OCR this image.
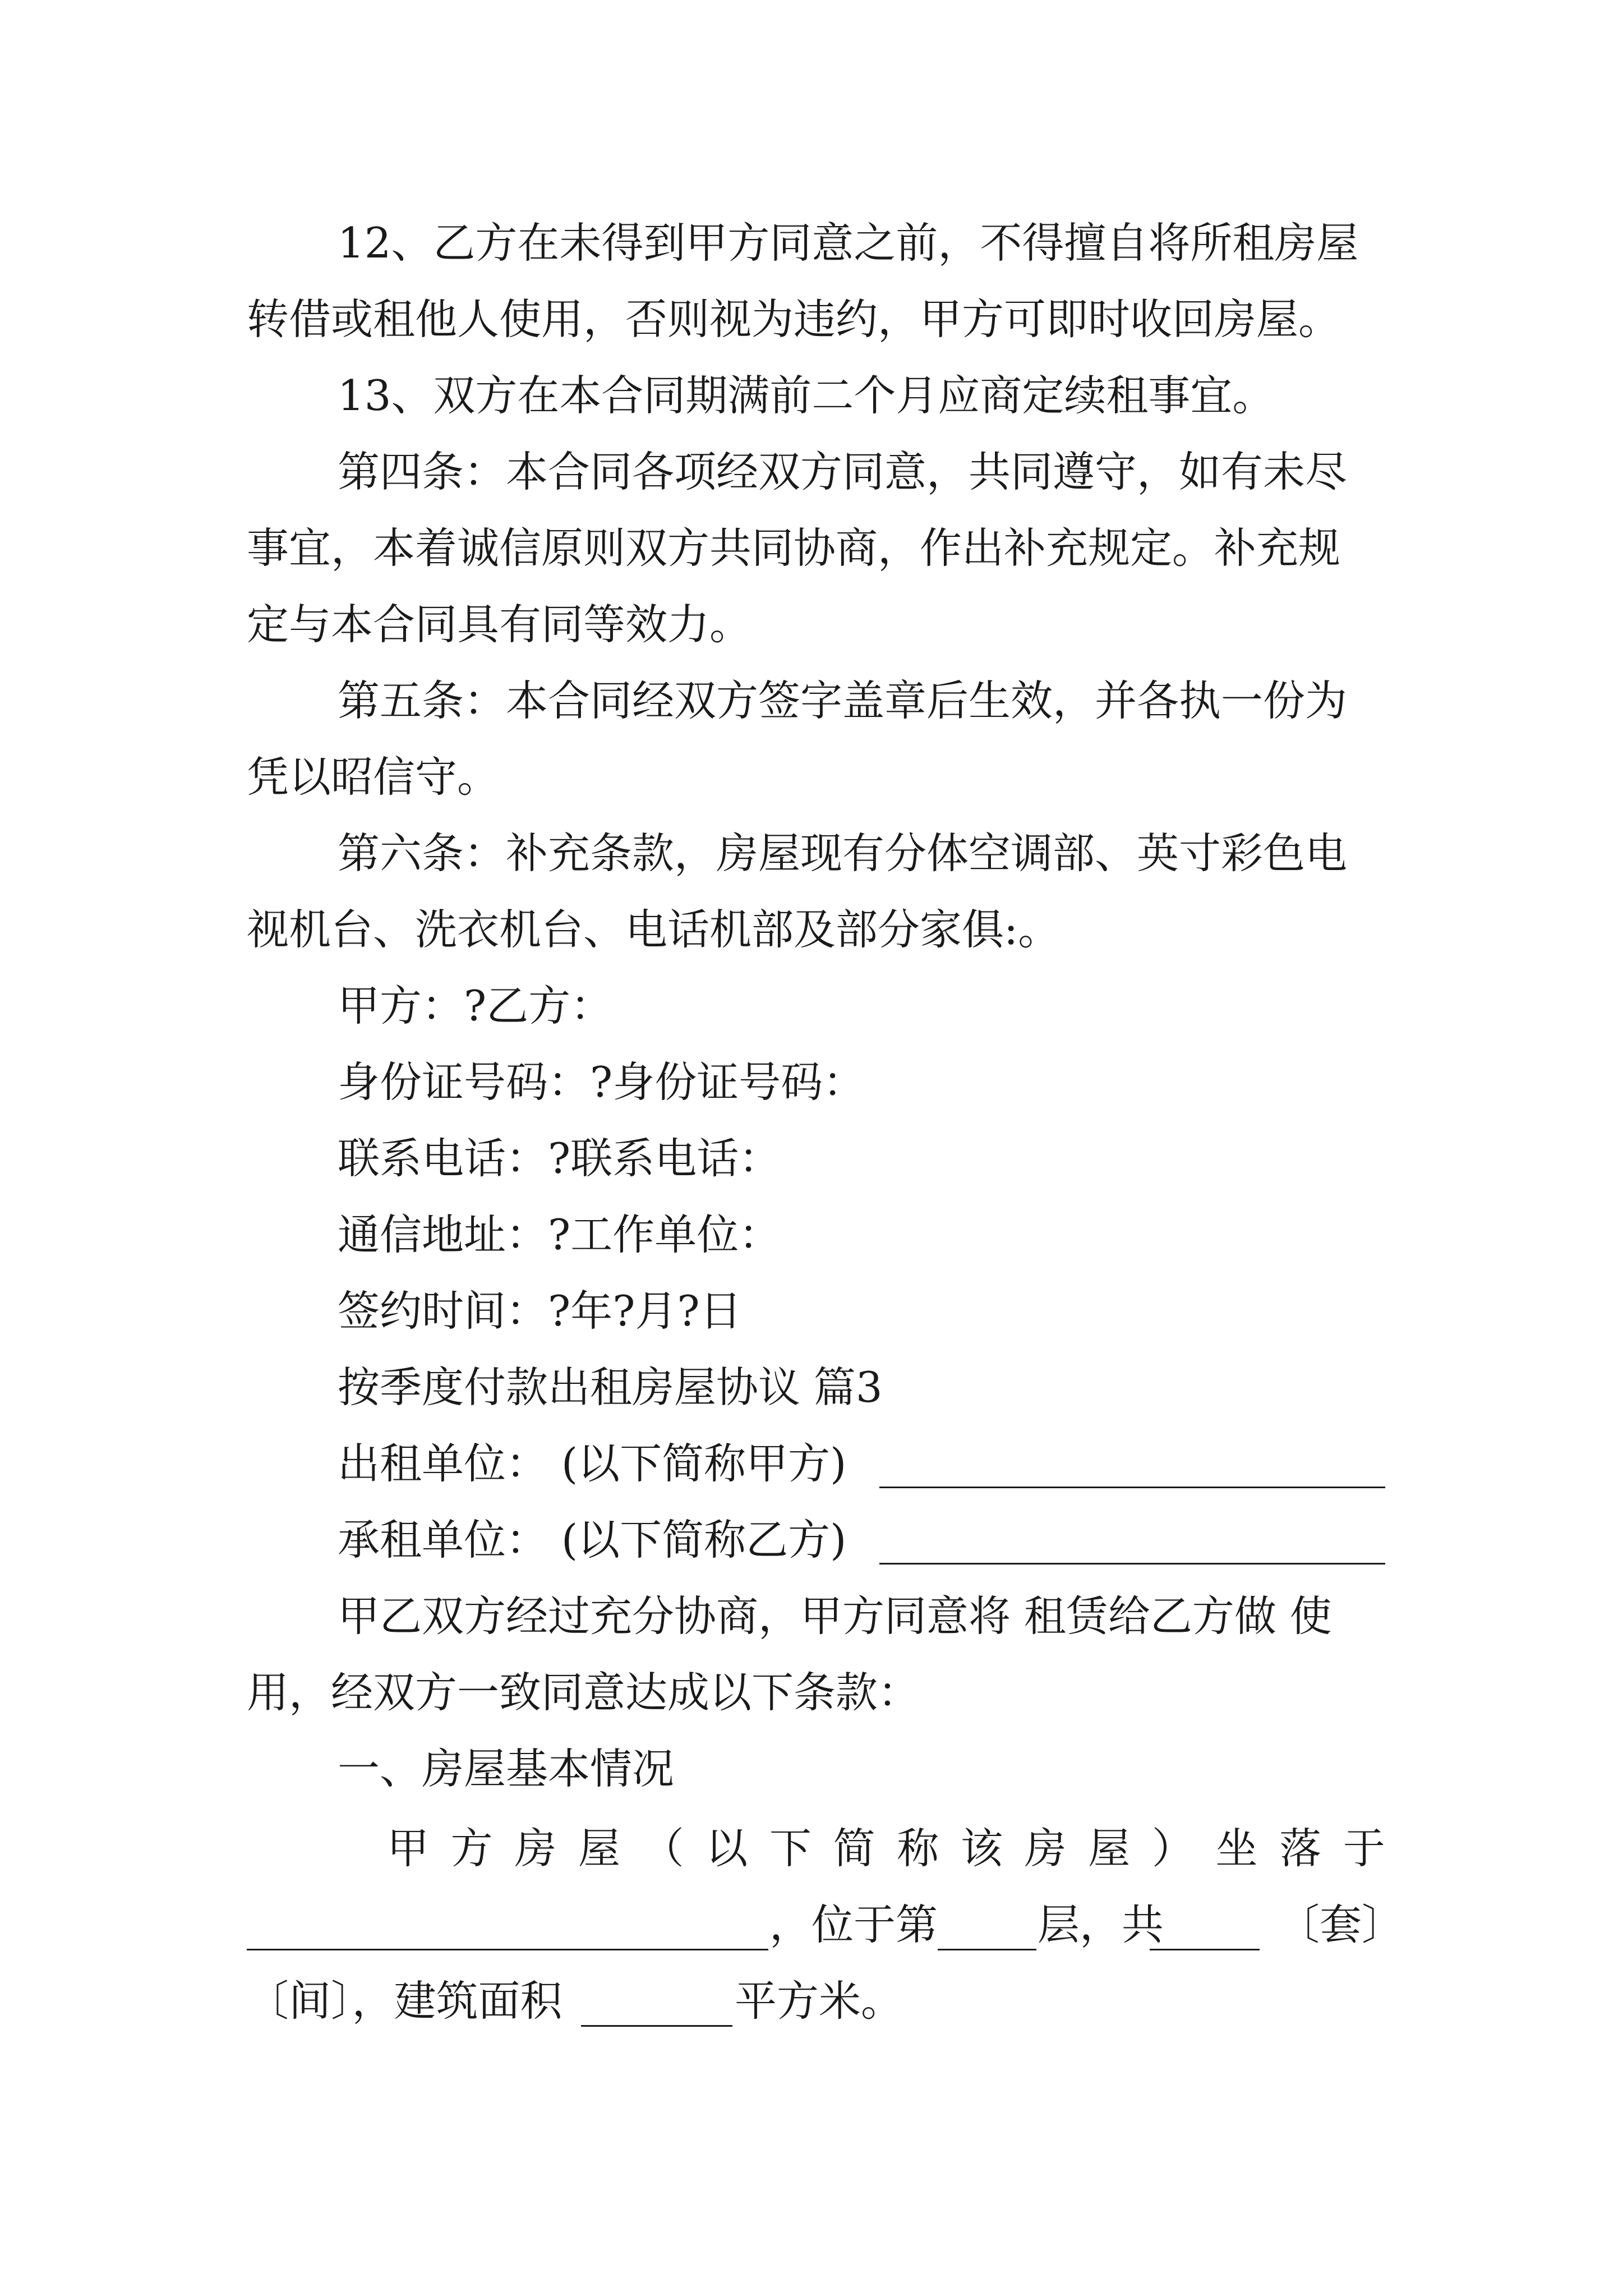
12、乙方在未得到甲方同意之前，不得擅自将所租房屋

转借或租他人使用，否则视为违约，甲方可即时收回房屋。

13、双方在本合同期满前二个月应商定续租事宜。

第四条：本合同各项经双方同意，共同遵守，如有未尽

事宜，本着诚信原则双方共同协商，作出补充规定。补充规

定与本合同具有同等效力。

第五条：本合同经双方签字盖章后生效，并各执一份为

凭以昭信守。

第六条：补充条款，房屋现有分体空调部、英寸彩色电

视机台、洗衣机台、电话机部及部分家俱:。

甲方：?乙方：

身份证号码：?身份证号码：

联系电话：?联系电话：

通信地址：?工作单位：

签约时间：?年?月?日

按季度付款出租房屋协议 篇3

出租单位： (以下简称甲方)

承租单位： (以下简称乙方)

甲乙双方经过充分协商，甲方同意将 租赁给乙方做 使

用，经双方一致同意达成以下条款：

一、房屋基本情况

甲 方 房 屋 （ 以 下 简 称 该 房 屋 ） 坐 落 于

，位于第 层，共	〔套〕

〔间〕，建筑面积	平方米。
